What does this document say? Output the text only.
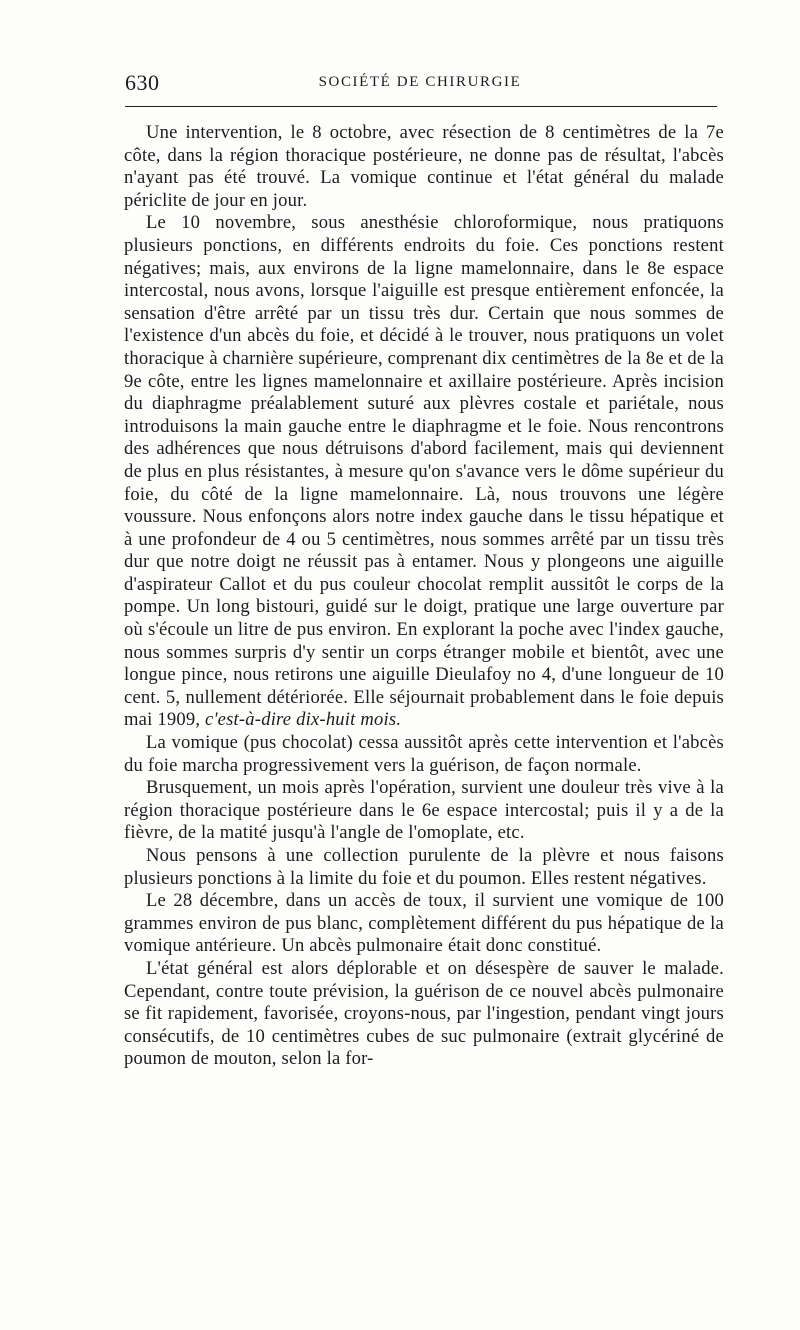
630	SOCIÉTÉ DE CHIRURGIE

Une intervention, le 8 octobre, avec résection de 8 centimètres de la 7e côte, dans la région thoracique postérieure, ne donne pas de résultat, l'abcès n'ayant pas été trouvé. La vomique continue et l'état général du malade périclite de jour en jour.

Le 10 novembre, sous anesthésie chloroformique, nous pratiquons plusieurs ponctions, en différents endroits du foie. Ces ponctions restent négatives; mais, aux environs de la ligne mamelonnaire, dans le 8e espace intercostal, nous avons, lorsque l'aiguille est presque entièrement enfoncée, la sensation d'être arrêté par un tissu très dur. Certain que nous sommes de l'existence d'un abcès du foie, et décidé à le trouver, nous pratiquons un volet thoracique à charnière supérieure, comprenant dix centimètres de la 8e et de la 9e côte, entre les lignes mamelonnaire et axillaire postérieure. Après incision du diaphragme préalablement suturé aux plèvres costale et pariétale, nous introduisons la main gauche entre le diaphragme et le foie. Nous rencontrons des adhérences que nous détruisons d'abord facilement, mais qui deviennent de plus en plus résistantes, à mesure qu'on s'avance vers le dôme supérieur du foie, du côté de la ligne mamelonnaire. Là, nous trouvons une légère voussure. Nous enfonçons alors notre index gauche dans le tissu hépatique et à une profondeur de 4 ou 5 centimètres, nous sommes arrêté par un tissu très dur que notre doigt ne réussit pas à entamer. Nous y plongeons une aiguille d'aspirateur Callot et du pus couleur chocolat remplit aussitôt le corps de la pompe. Un long bistouri, guidé sur le doigt, pratique une large ouverture par où s'écoule un litre de pus environ. En explorant la poche avec l'index gauche, nous sommes surpris d'y sentir un corps étranger mobile et bientôt, avec une longue pince, nous retirons une aiguille Dieulafoy no 4, d'une longueur de 10 cent. 5, nullement détériorée. Elle séjournait probablement dans le foie depuis mai 1909, c'est-à-dire dix-huit mois.

La vomique (pus chocolat) cessa aussitôt après cette intervention et l'abcès du foie marcha progressivement vers la guérison, de façon normale.

Brusquement, un mois après l'opération, survient une douleur très vive à la région thoracique postérieure dans le 6e espace intercostal; puis il y a de la fièvre, de la matité jusqu'à l'angle de l'omoplate, etc.

Nous pensons à une collection purulente de la plèvre et nous faisons plusieurs ponctions à la limite du foie et du poumon. Elles restent négatives.

Le 28 décembre, dans un accès de toux, il survient une vomique de 100 grammes environ de pus blanc, complètement différent du pus hépatique de la vomique antérieure. Un abcès pulmonaire était donc constitué.

L'état général est alors déplorable et on désespère de sauver le malade. Cependant, contre toute prévision, la guérison de ce nouvel abcès pulmonaire se fit rapidement, favorisée, croyons-nous, par l'ingestion, pendant vingt jours consécutifs, de 10 centimètres cubes de suc pulmonaire (extrait glycériné de poumon de mouton, selon la for-
